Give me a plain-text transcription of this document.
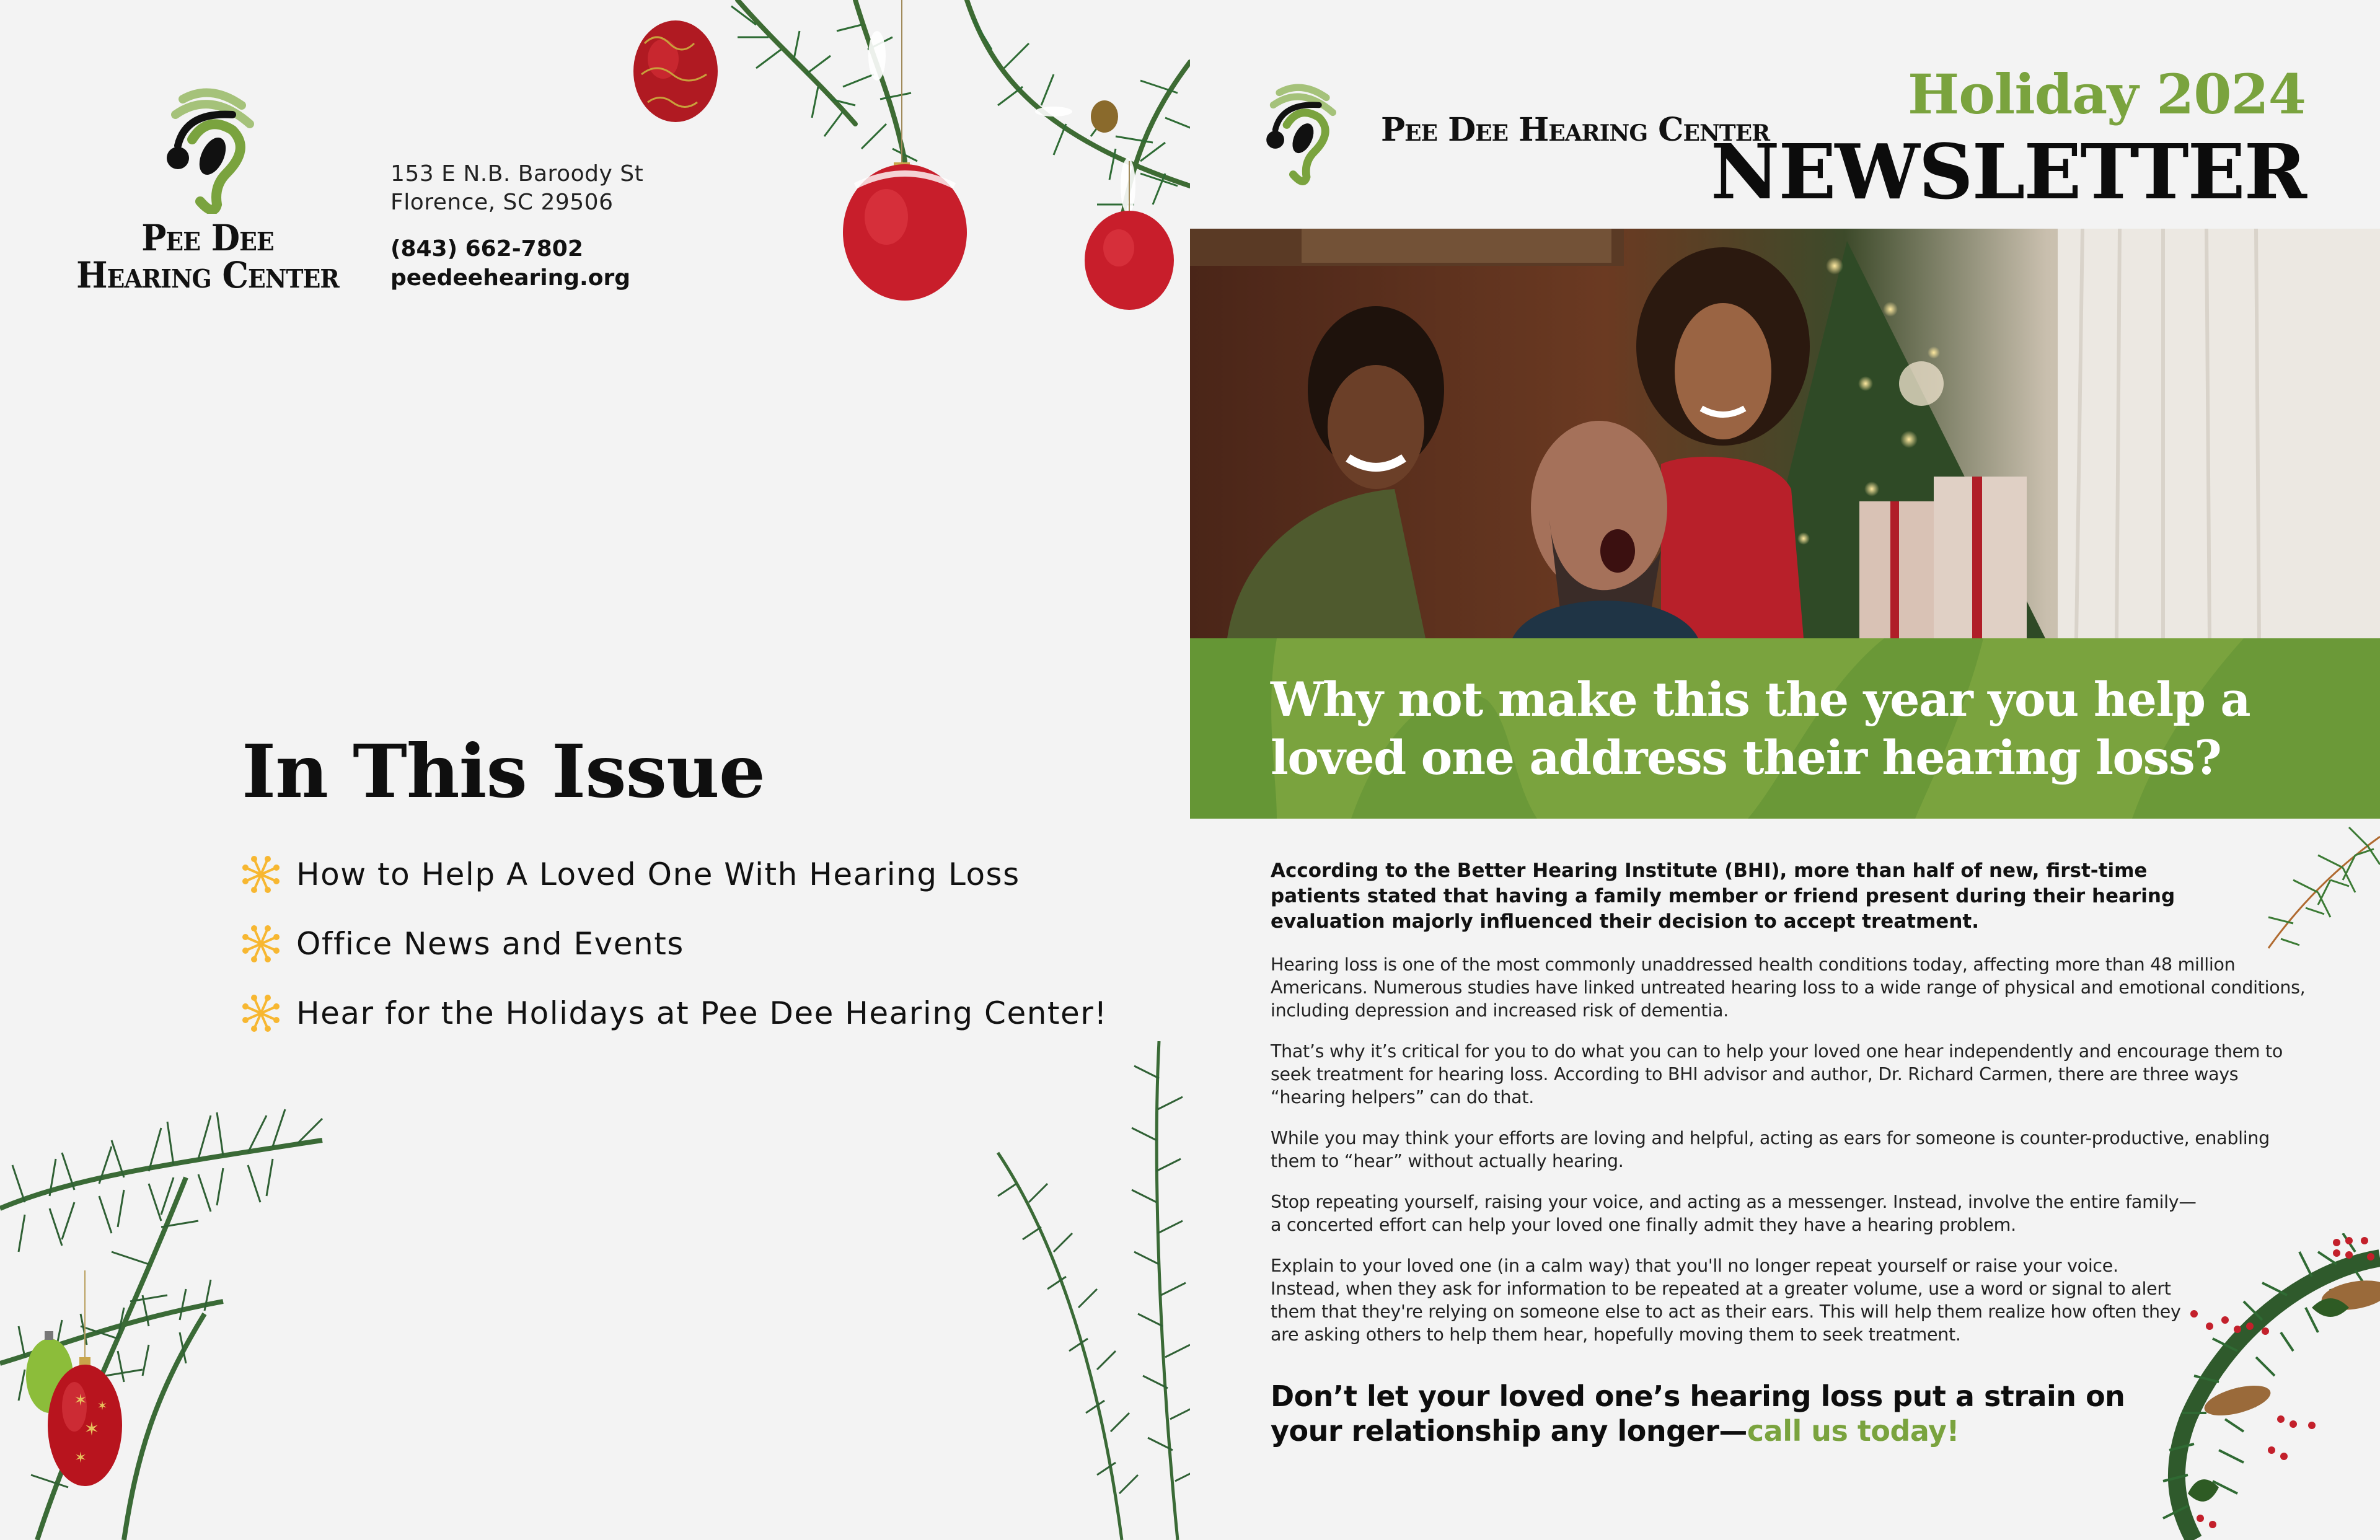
Pee Dee
Hearing Center
153 E N.B. Baroody St
Florence, SC 29506
(843) 662-7802
peedeehearing.org
In This Issue
How to Help A Loved One With Hearing Loss
Office News and Events
Hear for the Holidays at Pee Dee Hearing Center!
✶
✶
✶
✶
Pee Dee Hearing Center
Holiday 2024
NEWSLETTER
Why not make this the year you help a loved one address their hearing loss?

According to the Better Hearing Institute (BHI), more than half of new, first-time patients stated that having a family member or friend present during their hearing evaluation majorly influenced their decision to accept treatment.

Hearing loss is one of the most commonly unaddressed health conditions today, affecting more than 48 million Americans. Numerous studies have linked untreated hearing loss to a wide range of physical and emotional conditions, including depression and increased risk of dementia.

That’s why it’s critical for you to do what you can to help your loved one hear independently and encourage them to seek treatment for hearing loss. According to BHI advisor and author, Dr. Richard Carmen, there are three ways “hearing helpers” can do that.

While you may think your efforts are loving and helpful, acting as ears for someone is counter-productive, enabling them to “hear” without actually hearing.

Stop repeating yourself, raising your voice, and acting as a messenger. Instead, involve the entire family—a concerted effort can help your loved one finally admit they have a hearing problem.

Explain to your loved one (in a calm way) that you'll no longer repeat yourself or raise your voice. Instead, when they ask for information to be repeated at a greater volume, use a word or signal to alert them that they're relying on someone else to act as their ears. This will help them realize how often they are asking others to help them hear, hopefully moving them to seek treatment.

Don’t let your loved one’s hearing loss put a strain on your relationship any longer—call us today!
